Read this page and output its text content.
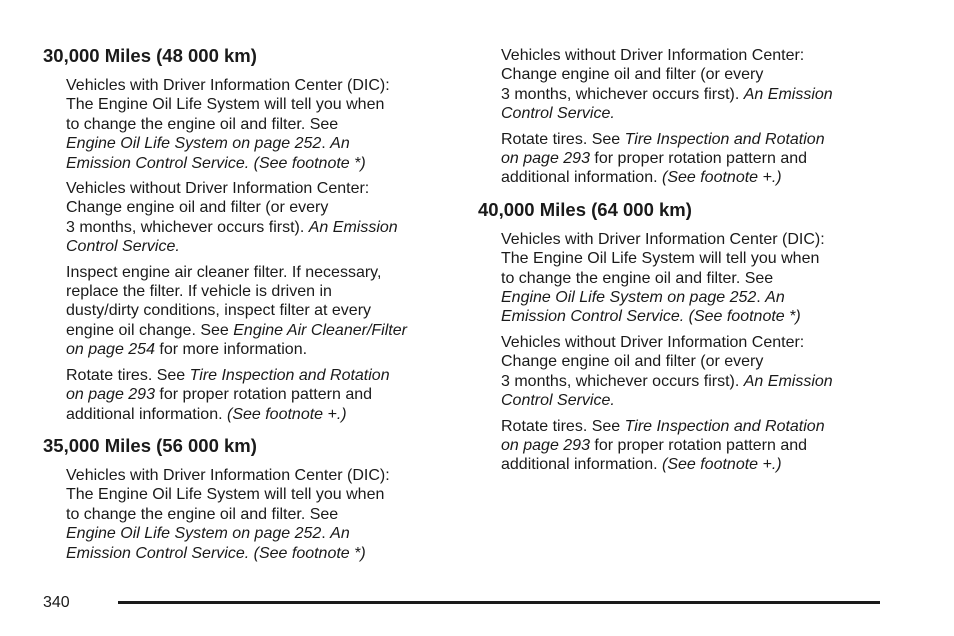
30,000 Miles (48 000 km)

Vehicles with Driver Information Center (DIC):
The Engine Oil Life System will tell you when
to change the engine oil and filter. See
Engine Oil Life System on page 252. An
Emission Control Service. (See footnote *)

Vehicles without Driver Information Center:
Change engine oil and filter (or every
3 months, whichever occurs first). An Emission
Control Service.

Inspect engine air cleaner filter. If necessary,
replace the filter. If vehicle is driven in
dusty/dirty conditions, inspect filter at every
engine oil change. See Engine Air Cleaner/Filter
on page 254 for more information.

Rotate tires. See Tire Inspection and Rotation
on page 293 for proper rotation pattern and
additional information. (See footnote +.)

35,000 Miles (56 000 km)

Vehicles with Driver Information Center (DIC):
The Engine Oil Life System will tell you when
to change the engine oil and filter. See
Engine Oil Life System on page 252. An
Emission Control Service. (See footnote *)

Vehicles without Driver Information Center:
Change engine oil and filter (or every
3 months, whichever occurs first). An Emission
Control Service.

Rotate tires. See Tire Inspection and Rotation
on page 293 for proper rotation pattern and
additional information. (See footnote +.)

40,000 Miles (64 000 km)

Vehicles with Driver Information Center (DIC):
The Engine Oil Life System will tell you when
to change the engine oil and filter. See
Engine Oil Life System on page 252. An
Emission Control Service. (See footnote *)

Vehicles without Driver Information Center:
Change engine oil and filter (or every
3 months, whichever occurs first). An Emission
Control Service.

Rotate tires. See Tire Inspection and Rotation
on page 293 for proper rotation pattern and
additional information. (See footnote +.)

340
